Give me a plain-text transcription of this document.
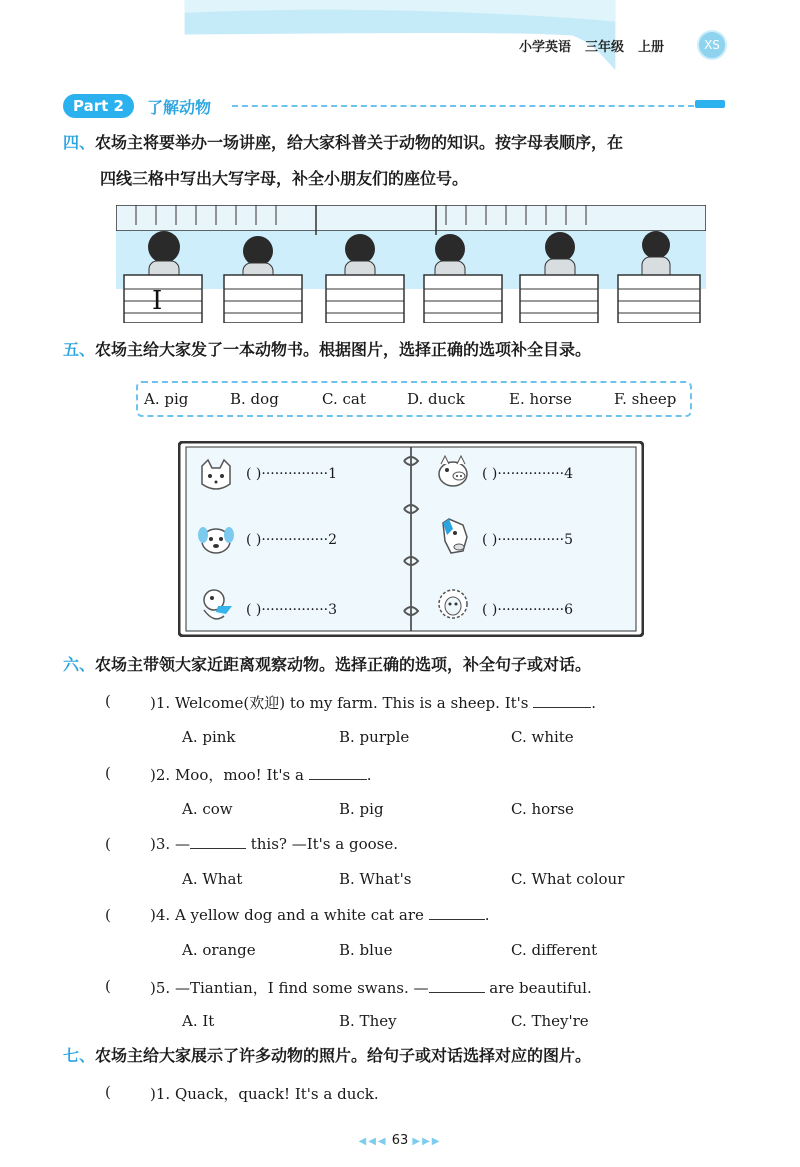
小学英语 三年级 上册	XS
Part 2	了解动物
四、农场主将要举办一场讲座，给大家科普关于动物的知识。按字母表顺序，在
四线三格中写出大写字母，补全小朋友们的座位号。
I
五、农场主给大家发了一本动物书。根据图片，选择正确的选项补全目录。
A. pig	B. dog	C. cat	D. duck	E. horse	F. sheep
( )···············1
( )···············2
( )···············3
( )···············4
( )···············5
( )···············6
六、农场主带领大家近距离观察动物。选择正确的选项，补全句子或对话。
(	)1. Welcome(欢迎) to my farm. This is a sheep. It's	.
A. pink	B. purple	C. white
(	)2. Moo，moo! It's a	.
A. cow	B. pig	C. horse
(	)3. —	this? —It's a goose.
A. What	B. What's	C. What colour
(	)4. A yellow dog and a white cat are	.
A. orange	B. blue	C. different
(	)5. —Tiantian，I find some swans. —	are beautiful.
A. It	B. They	C. They're
七、农场主给大家展示了许多动物的照片。给句子或对话选择对应的图片。
(	)1. Quack，quack! It's a duck.
◀◀◀ 63 ▶▶▶
